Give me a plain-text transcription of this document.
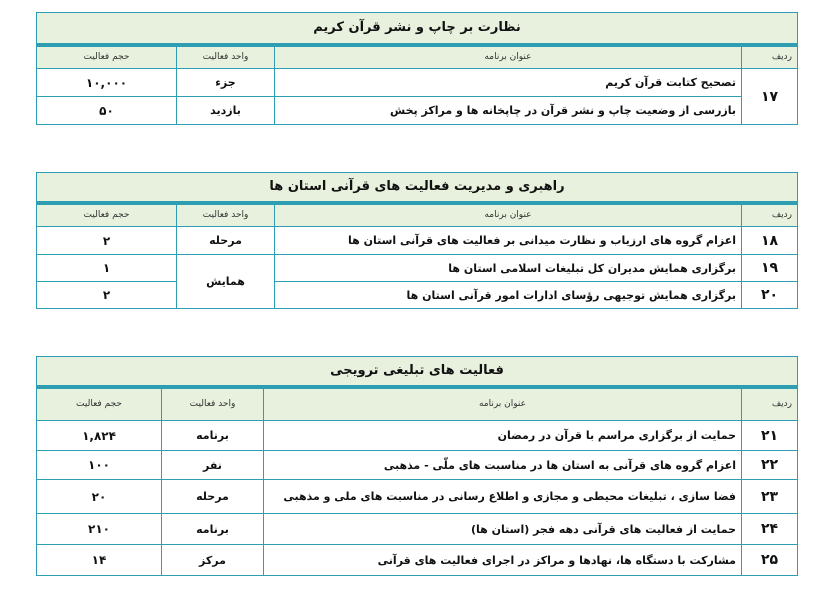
نظارت بر چاپ و نشر قرآن کریم			
ردیف	عنوان برنامه	واحد فعالیت	حجم فعالیت
۱۷	تصحیح کتابت قرآن کریم	جزء	۱۰,۰۰۰
	بازرسی از وضعیت چاپ و نشر قرآن در چاپخانه ها و مراکز پخش	بازدید	۵۰
راهبری و مدیریت فعالیت های قرآنی استان ها			
ردیف	عنوان برنامه	واحد فعالیت	حجم فعالیت
۱۸	اعزام گروه های ارزیاب و نظارت میدانی بر فعالیت های قرآنی استان ها	مرحله	۲
۱۹	برگزاری همایش مدیران کل تبلیغات اسلامی استان ها	همایش	۱
۲۰	برگزاری همایش توجیهی رؤسای ادارات امور قرآنی استان ها		۲
فعالیت های تبلیغی ترویجی			
ردیف	عنوان برنامه	واحد فعالیت	حجم فعالیت
۲۱	حمایت از برگزاری مراسم با قرآن در رمضان	برنامه	۱,۸۲۴
۲۲	اعزام گروه های قرآنی به استان ها در مناسبت های ملّی - مذهبی	نفر	۱۰۰
۲۳	فضا سازی ، تبلیغات محیطی و مجازی و اطلاع رسانی در مناسبت های ملی و مذهبی	مرحله	۲۰
۲۴	حمایت از فعالیت های قرآنی دهه فجر (استان ها)	برنامه	۲۱۰
۲۵	مشارکت با دستگاه ها، نهادها و مراکز در اجرای فعالیت های قرآنی	مرکز	۱۴
